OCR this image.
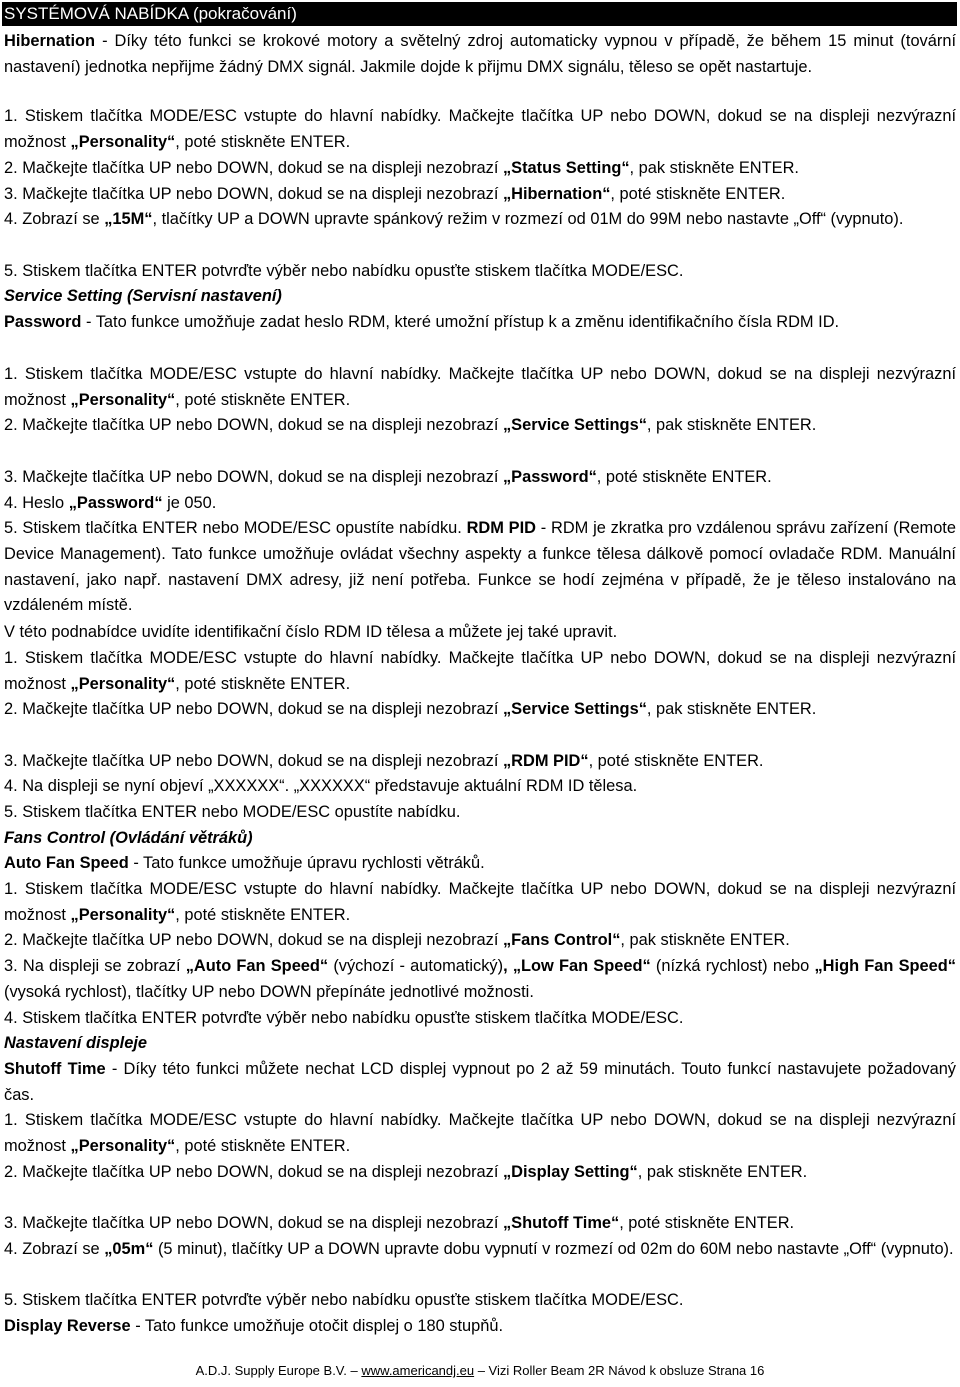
SYSTÉMOVÁ NABÍDKA (pokračování)

Hibernation - Díky této funkci se krokové motory a světelný zdroj automaticky vypnou v případě, že během 15 minut (tovární nastavení) jednotka nepřijme žádný DMX signál. Jakmile dojde k přijmu DMX signálu, těleso se opět nastartuje.

1. Stiskem tlačítka MODE/ESC vstupte do hlavní nabídky. Mačkejte tlačítka UP nebo DOWN, dokud se na displeji nezvýrazní možnost „Personality“, poté stiskněte ENTER.

2. Mačkejte tlačítka UP nebo DOWN, dokud se na displeji nezobrazí „Status Setting“, pak stiskněte ENTER.

3. Mačkejte tlačítka UP nebo DOWN, dokud se na displeji nezobrazí „Hibernation“, poté stiskněte ENTER.

4. Zobrazí se „15M“, tlačítky UP a DOWN upravte spánkový režim v rozmezí od 01M do 99M nebo nastavte „Off“ (vypnuto).

5. Stiskem tlačítka ENTER potvrďte výběr nebo nabídku opusťte stiskem tlačítka MODE/ESC.

Service Setting (Servisní nastavení)

Password - Tato funkce umožňuje zadat heslo RDM, které umožní přístup k a změnu identifikačního čísla RDM ID.

1. Stiskem tlačítka MODE/ESC vstupte do hlavní nabídky. Mačkejte tlačítka UP nebo DOWN, dokud se na displeji nezvýrazní možnost „Personality“, poté stiskněte ENTER.

2. Mačkejte tlačítka UP nebo DOWN, dokud se na displeji nezobrazí „Service Settings“, pak stiskněte ENTER.

3. Mačkejte tlačítka UP nebo DOWN, dokud se na displeji nezobrazí „Password“, poté stiskněte ENTER.

4. Heslo „Password“ je 050.

5. Stiskem tlačítka ENTER nebo MODE/ESC opustíte nabídku. RDM PID - RDM je zkratka pro vzdálenou správu zařízení (Remote Device Management). Tato funkce umožňuje ovládat všechny aspekty a funkce tělesa dálkově pomocí ovladače RDM. Manuální nastavení, jako např. nastavení DMX adresy, již není potřeba. Funkce se hodí zejména v případě, že je těleso instalováno na vzdáleném místě.

V této podnabídce uvidíte identifikační číslo RDM ID tělesa a můžete jej také upravit.

1. Stiskem tlačítka MODE/ESC vstupte do hlavní nabídky. Mačkejte tlačítka UP nebo DOWN, dokud se na displeji nezvýrazní možnost „Personality“, poté stiskněte ENTER.

2. Mačkejte tlačítka UP nebo DOWN, dokud se na displeji nezobrazí „Service Settings“, pak stiskněte ENTER.

3. Mačkejte tlačítka UP nebo DOWN, dokud se na displeji nezobrazí „RDM PID“, poté stiskněte ENTER.

4. Na displeji se nyní objeví „XXXXXX“. „XXXXXX“ představuje aktuální RDM ID tělesa.

5. Stiskem tlačítka ENTER nebo MODE/ESC opustíte nabídku.

Fans Control (Ovládání větráků)

Auto Fan Speed - Tato funkce umožňuje úpravu rychlosti větráků.

1. Stiskem tlačítka MODE/ESC vstupte do hlavní nabídky. Mačkejte tlačítka UP nebo DOWN, dokud se na displeji nezvýrazní možnost „Personality“, poté stiskněte ENTER.

2. Mačkejte tlačítka UP nebo DOWN, dokud se na displeji nezobrazí „Fans Control“, pak stiskněte ENTER.

3. Na displeji se zobrazí „Auto Fan Speed“ (výchozí - automatický), „Low Fan Speed“ (nízká rychlost) nebo „High Fan Speed“ (vysoká rychlost), tlačítky UP nebo DOWN přepínáte jednotlivé možnosti.

4. Stiskem tlačítka ENTER potvrďte výběr nebo nabídku opusťte stiskem tlačítka MODE/ESC.

Nastavení displeje

Shutoff Time - Díky této funkci můžete nechat LCD displej vypnout po 2 až 59 minutách. Touto funkcí nastavujete požadovaný čas.

1. Stiskem tlačítka MODE/ESC vstupte do hlavní nabídky. Mačkejte tlačítka UP nebo DOWN, dokud se na displeji nezvýrazní možnost „Personality“, poté stiskněte ENTER.

2. Mačkejte tlačítka UP nebo DOWN, dokud se na displeji nezobrazí „Display Setting“, pak stiskněte ENTER.

3. Mačkejte tlačítka UP nebo DOWN, dokud se na displeji nezobrazí „Shutoff Time“, poté stiskněte ENTER.

4. Zobrazí se „05m“ (5 minut), tlačítky UP a DOWN upravte dobu vypnutí v rozmezí od 02m do 60M nebo nastavte „Off“ (vypnuto).

5. Stiskem tlačítka ENTER potvrďte výběr nebo nabídku opusťte stiskem tlačítka MODE/ESC.

Display Reverse - Tato funkce umožňuje otočit displej o 180 stupňů.

A.D.J. Supply Europe B.V. – www.americandj.eu – Vizi Roller Beam 2R Návod k obsluze Strana 16
